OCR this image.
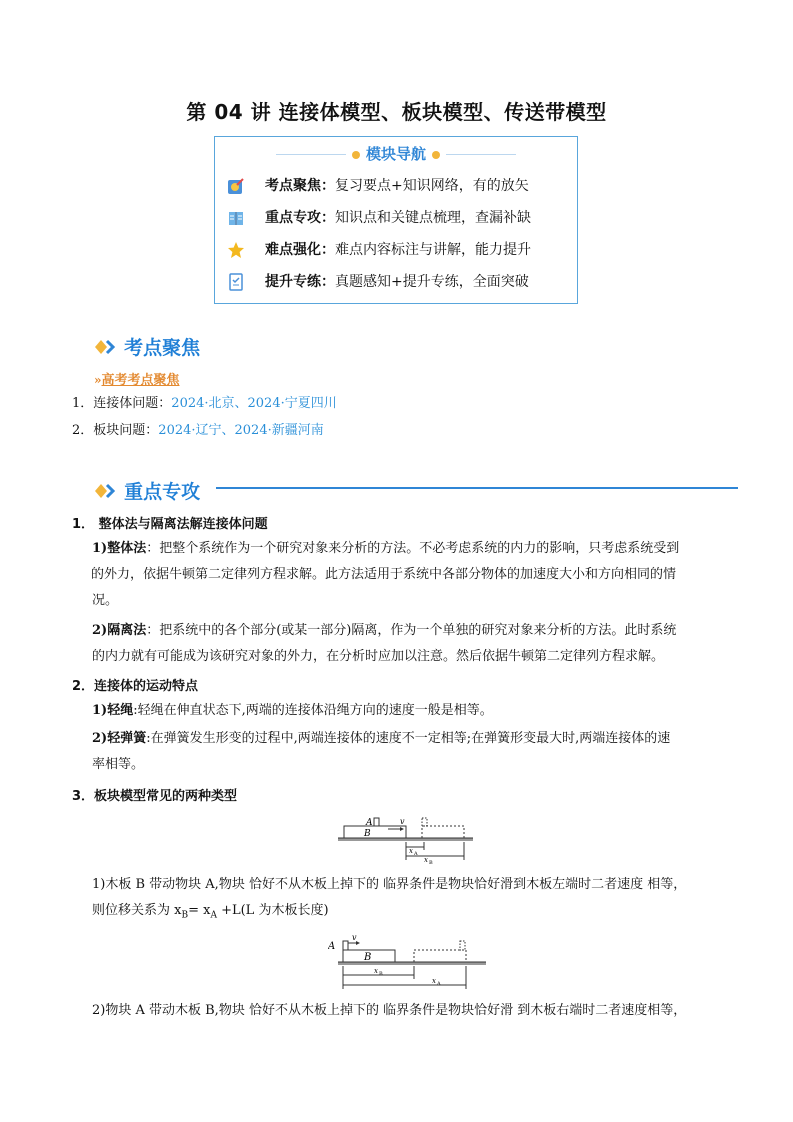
第 04 讲 连接体模型、板块模型、传送带模型
模块导航
考点聚焦：复习要点+知识网络，有的放矢
重点专攻：知识点和关键点梳理，查漏补缺
难点强化：难点内容标注与讲解，能力提升
提升专练：真题感知+提升专练，全面突破
考点聚焦
»高考考点聚焦
1．连接体问题：2024·北京、2024·宁夏四川
2．板块问题：2024·辽宁、2024·新疆河南
重点专攻
1． 整体法与隔离法解连接体问题
1)整体法：把整个系统作为一个研究对象来分析的方法。不必考虑系统的内力的影响，只考虑系统受到
的外力，依据牛顿第二定律列方程求解。此方法适用于系统中各部分物体的加速度大小和方向相同的情
况。
2)隔离法：把系统中的各个部分(或某一部分)隔离，作为一个单独的研究对象来分析的方法。此时系统
的内力就有可能成为该研究对象的外力，在分析时应加以注意。然后依据牛顿第二定律列方程求解。
2．连接体的运动特点
1)轻绳:轻绳在伸直状态下,两端的连接体沿绳方向的速度一般是相等。
2)轻弹簧:在弹簧发生形变的过程中,两端连接体的速度不一定相等;在弹簧形变最大时,两端连接体的速
率相等。
3．板块模型常见的两种类型
A
B
v
x A
x B
1)木板 B 带动物块 A,物块 恰好不从木板上掉下的 临界条件是物块恰好滑到木板左端时二者速度 相等，
则位移关系为 $x_B= x_A +L(L$ 为木板长度)
A
B
v
x B
x A
2)物块 A 带动木板 B,物块 恰好不从木板上掉下的 临界条件是物块恰好滑 到木板右端时二者速度相等，
